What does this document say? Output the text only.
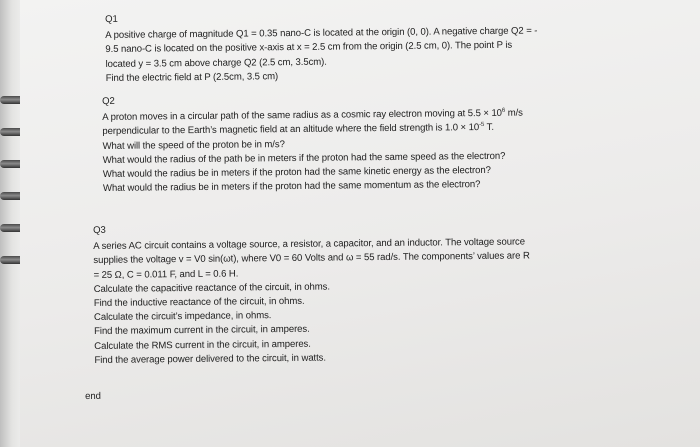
Q1

A positive charge of magnitude Q1 = 0.35 nano-C is located at the origin (0, 0). A negative charge Q2 = -

9.5 nano-C is located on the positive x-axis at x = 2.5 cm from the origin (2.5 cm, 0). The point P is

located y = 3.5 cm above charge Q2 (2.5 cm, 3.5cm).

Find the electric field at P (2.5cm, 3.5 cm)

Q2

A proton moves in a circular path of the same radius as a cosmic ray electron moving at $5.5 \times 10^6$ m/s

perpendicular to the Earth’s magnetic field at an altitude where the field strength is $1.0 \times 10^{-5}$ T.

What will the speed of the proton be in m/s?

What would the radius of the path be in meters if the proton had the same speed as the electron?

What would the radius be in meters if the proton had the same kinetic energy as the electron?

What would the radius be in meters if the proton had the same momentum as the electron?

Q3

A series AC circuit contains a voltage source, a resistor, a capacitor, and an inductor. The voltage source

supplies the voltage v = V0 sin(ωt), where V0 = 60 Volts and ω = 55 rad/s. The components’ values are R

= 25 Ω, C = 0.011 F, and L = 0.6 H.

Calculate the capacitive reactance of the circuit, in ohms.

Find the inductive reactance of the circuit, in ohms.

Calculate the circuit’s impedance, in ohms.

Find the maximum current in the circuit, in amperes.

Calculate the RMS current in the circuit, in amperes.

Find the average power delivered to the circuit, in watts.

end
